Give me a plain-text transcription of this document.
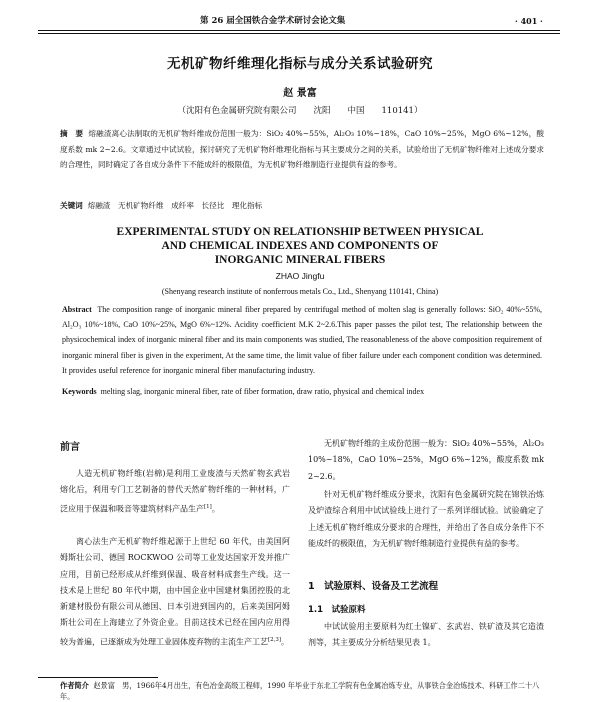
第 26 届全国铁合金学术研讨会论文集	· 401 ·
无机矿物纤维理化指标与成分关系试验研究
赵 景富
（沈阳有色金属研究院有限公司　　沈阳　　中国　　110141）
摘　要 熔融渣离心法制取的无机矿物纤维成份范围一般为：SiO₂ 40%~55%，Al₂O₃ 10%~18%，CaO 10%~25%，MgO 6%~12%，酸度系数 mk 2~2.6。文章通过中试试验，探讨研究了无机矿物纤维理化指标与其主要成分之间的关系，试验给出了无机矿物纤维对上述成分要求的合理性，同时确定了各自成分条件下不能成纤的极限值，为无机矿物纤维制造行业提供有益的参考。
关键词 熔融渣　无机矿物纤维　成纤率　长径比　理化指标
EXPERIMENTAL STUDY ON RELATIONSHIP BETWEEN PHYSICAL
AND CHEMICAL INDEXES AND COMPONENTS OF
INORGANIC MINERAL FIBERS
ZHAO Jingfu
(Shenyang research institute of nonferrous metals Co., Ltd., Shenyang 110141, China)
Abstract The composition range of inorganic mineral fiber prepared by centrifugal method of molten slag is generally follows: SiO₂ 40%~55%, Al₂O₃ 10%~18%, CaO 10%~25%, MgO 6%~12%. Acidity coefficient M.K 2~2.6.This paper passes the pilot test, The relationship between the physicochemical index of inorganic mineral fiber and its main components was studied, The reasonableness of the above composition requirement of inorganic mineral fiber is given in the experiment, At the same time, the limit value of fiber failure under each component condition was determined. It provides useful reference for inorganic mineral fiber manufacturing industry.
Keywords melting slag, inorganic mineral fiber, rate of fiber formation, draw ratio, physical and chemical index
前言
人造无机矿物纤维(岩棉)是利用工业废渣与天然矿物玄武岩熔化后，利用专门工艺制备的替代天然矿物纤维的一种材料，广泛应用于保温和吸音等建筑材料产品生产[1]。
离心法生产无机矿物纤维起源于上世纪 60 年代，由美国阿姆斯壮公司、德国 ROCKWOO 公司等工业发达国家开发并推广应用，目前已经形成从纤维到保温、吸音材料成套生产线。这一技术是上世纪 80 年代中期，由中国企业中国建材集团控股的北新建材股份有限公司从德国、日本引进到国内的，后来美国阿姆斯壮公司在上海建立了外资企业。目前这技术已经在国内应用得较为普遍，已逐渐成为处理工业固体废弃物的主流生产工艺[2,3]。
无机矿物纤维的主成份范围一般为：SiO₂ 40%~55%，Al₂O₃ 10%~18%，CaO 10%~25%，MgO 6%~12%，酸度系数 mk 2~2.6。
针对无机矿物纤维成分要求，沈阳有色金属研究院在锦铁冶炼及炉渣综合利用中试试验线上进行了一系列详细试验。试验确定了上述无机矿物纤维成分要求的合理性，并给出了各自成分条件下不能成纤的极限值，为无机矿物纤维制造行业提供有益的参考。
1　试验原料、设备及工艺流程
1.1　试验原料
中试试验用主要原料为红土镍矿、玄武岩、铁矿渣及其它造渣剂等，其主要成分分析结果见表 1。
作者简介 赵景富　男，1966年4月出生，有色冶金高级工程师，1990 年毕业于东北工学院有色金属冶炼专业，从事铁合金冶炼技术、科研工作二十八年。
